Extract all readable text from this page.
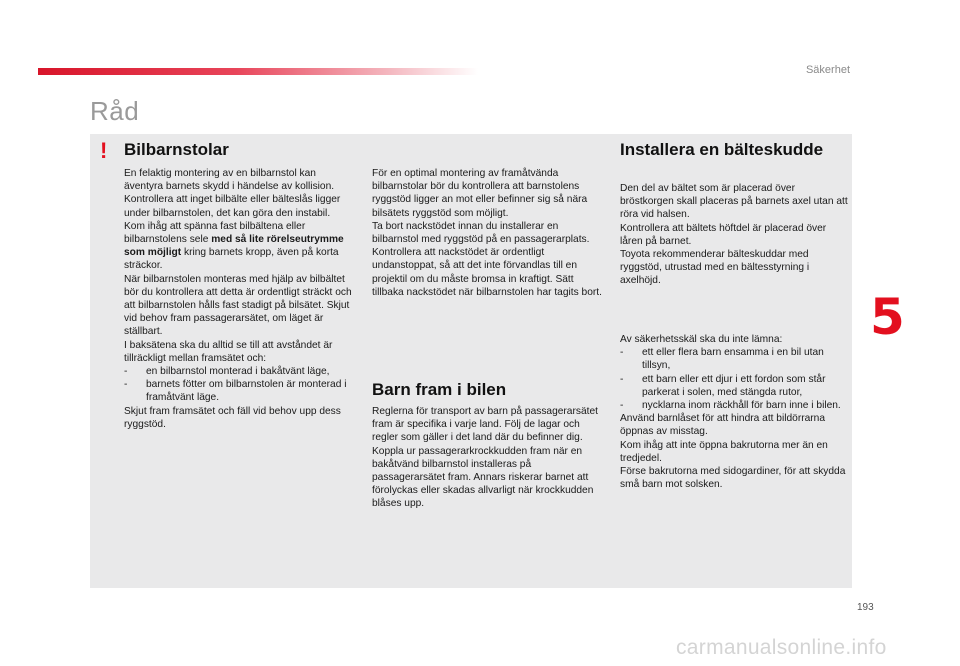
Säkerhet
Råd
! Bilbarnstolar

En felaktig montering av en bilbarnstol kan äventyra barnets skydd i händelse av kollision.

Kontrollera att inget bilbälte eller bälteslås ligger under bilbarnstolen, det kan göra den instabil.

Kom ihåg att spänna fast bilbältena eller bilbarnstolens sele med så lite rörelseutrymme som möjligt kring barnets kropp, även på korta sträckor.

När bilbarnstolen monteras med hjälp av bilbältet bör du kontrollera att detta är ordentligt sträckt och att bilbarnstolen hålls fast stadigt på bilsätet. Skjut vid behov fram passagerarsätet, om läget är ställbart.

I baksätena ska du alltid se till att avståndet är tillräckligt mellan framsätet och:

- en bilbarnstol monterad i bakåtvänt läge,
- barnets fötter om bilbarnstolen är monterad i framåtvänt läge.

Skjut fram framsätet och fäll vid behov upp dess ryggstöd.

För en optimal montering av framåtvända bilbarnstolar bör du kontrollera att barnstolens ryggstöd ligger an mot eller befinner sig så nära bilsätets ryggstöd som möjligt.

Ta bort nackstödet innan du installerar en bilbarnstol med ryggstöd på en passagerarplats.

Kontrollera att nackstödet är ordentligt undanstoppat, så att det inte förvandlas till en projektil om du måste bromsa in kraftigt. Sätt tillbaka nackstödet när bilbarnstolen har tagits bort.

Barn fram i bilen

Reglerna för transport av barn på passagerarsätet fram är specifika i varje land. Följ de lagar och regler som gäller i det land där du befinner dig.

Koppla ur passagerarkrockkudden fram när en bakåtvänd bilbarnstol installeras på passagerarsätet fram. Annars riskerar barnet att förolyckas eller skadas allvarligt när krockkudden blåses upp.

Installera en bälteskudde

Den del av bältet som är placerad över bröstkorgen skall placeras på barnets axel utan att röra vid halsen.

Kontrollera att bältets höftdel är placerad över låren på barnet.

Toyota rekommenderar bälteskuddar med ryggstöd, utrustad med en bältesstyrning i axelhöjd.

Av säkerhetsskäl ska du inte lämna:

- ett eller flera barn ensamma i en bil utan tillsyn,
- ett barn eller ett djur i ett fordon som står parkerat i solen, med stängda rutor,
- nycklarna inom räckhåll för barn inne i bilen.

Använd barnlåset för att hindra att bildörrarna öppnas av misstag.

Kom ihåg att inte öppna bakrutorna mer än en tredjedel.

Förse bakrutorna med sidogardiner, för att skydda små barn mot solsken.

5
193
carmanualsonline.info
